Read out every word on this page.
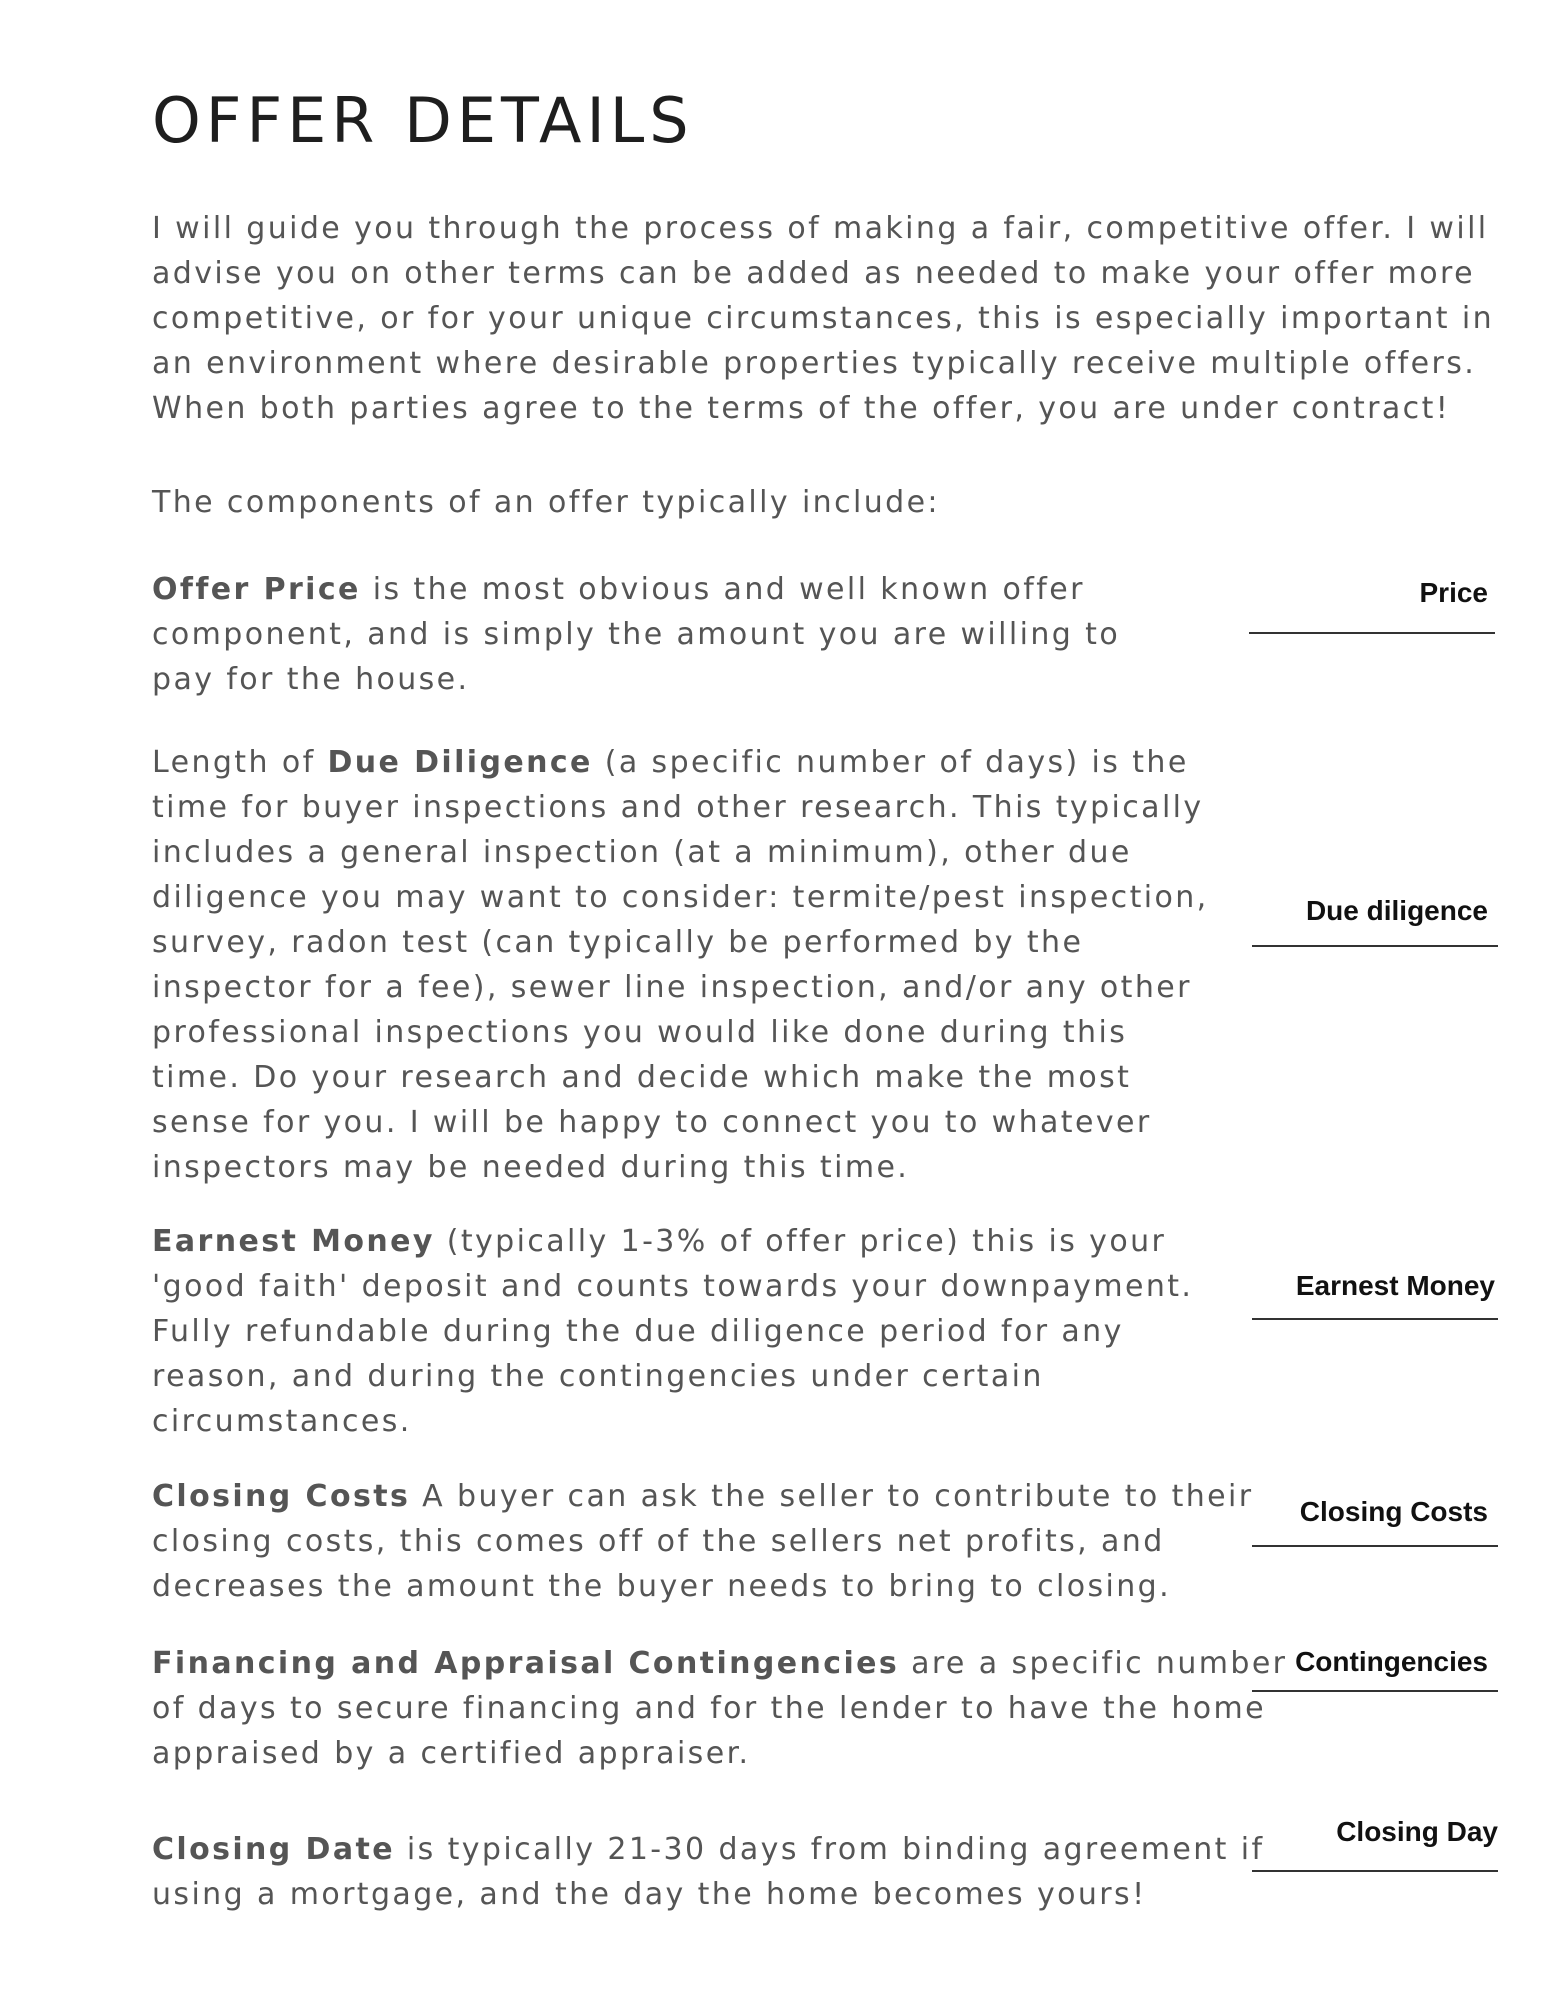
OFFER DETAILS
I will guide you through the process of making a fair, competitive offer. I will
advise you on other terms can be added as needed to make your offer more
competitive, or for your unique circumstances, this is especially important in
an environment where desirable properties typically receive multiple offers.
When both parties agree to the terms of the offer, you are under contract!
The components of an offer typically include:
Offer Price is the most obvious and well known offer
component, and is simply the amount you are willing to
pay for the house.
Price
Length of Due Diligence (a specific number of days) is the
time for buyer inspections and other research. This typically
includes a general inspection (at a minimum), other due
diligence you may want to consider: termite/pest inspection,
survey, radon test (can typically be performed by the
inspector for a fee), sewer line inspection, and/or any other
professional inspections you would like done during this
time. Do your research and decide which make the most
sense for you. I will be happy to connect you to whatever
inspectors may be needed during this time.
Due diligence
Earnest Money (typically 1-3% of offer price) this is your
'good faith' deposit and counts towards your downpayment.
Fully refundable during the due diligence period for any
reason, and during the contingencies under certain
circumstances.
Earnest Money
Closing Costs A buyer can ask the seller to contribute to their
closing costs, this comes off of the sellers net profits, and
decreases the amount the buyer needs to bring to closing.
Closing Costs
Financing and Appraisal Contingencies are a specific number
of days to secure financing and for the lender to have the home
appraised by a certified appraiser.
Contingencies
Closing Date is typically 21-30 days from binding agreement if
using a mortgage, and the day the home becomes yours!
Closing Day
